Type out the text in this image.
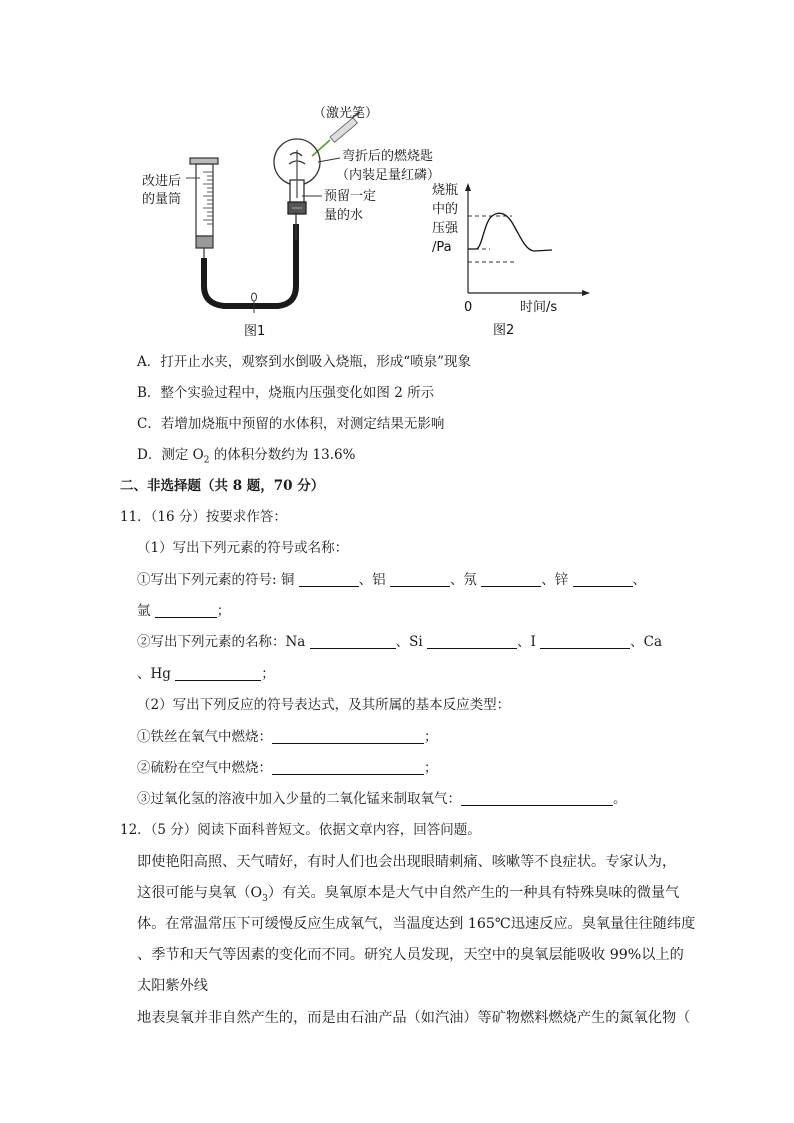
（激光笔）
改进后
的量筒
弯折后的燃烧匙
（内装足量红磷）
预留一定
量的水
图1
烧瓶
中的
压强
/Pa
0	时间/s
图2
A．打开止水夹，观察到水倒吸入烧瓶，形成“喷泉”现象
B．整个实验过程中，烧瓶内压强变化如图 2 所示
C．若增加烧瓶中预留的水体积，对测定结果无影响
D．测定 $O_2$ 的体积分数约为 13.6%
二、非选择题（共 8 题，70 分）
11．（16 分）按要求作答：
（1）写出下列元素的符号或名称：
①写出下列元素的符号: 铜	、铝	、氖	、锌	、
氩	；
②写出下列元素的名称：Na	、Si	、I	、Ca
、Hg	；
（2）写出下列反应的符号表达式，及其所属的基本反应类型：
①铁丝在氧气中燃烧：	；
②硫粉在空气中燃烧：	；
③过氧化氢的溶液中加入少量的二氧化锰来制取氧气：	。
12．（5 分）阅读下面科普短文。依据文章内容，回答问题。
即使艳阳高照、天气晴好，有时人们也会出现眼睛刺痛、咳嗽等不良症状。专家认为，
这很可能与臭氧$(O_3)$有关。臭氧原本是大气中自然产生的一种具有特殊臭味的微量气
体。在常温常压下可缓慢反应生成氧气，当温度达到 165℃迅速反应。臭氧量往往随纬度
、季节和天气等因素的变化而不同。研究人员发现，天空中的臭氧层能吸收 99%以上的
太阳紫外线
地表臭氧并非自然产生的，而是由石油产品（如汽油）等矿物燃料燃烧产生的氮氧化物（
